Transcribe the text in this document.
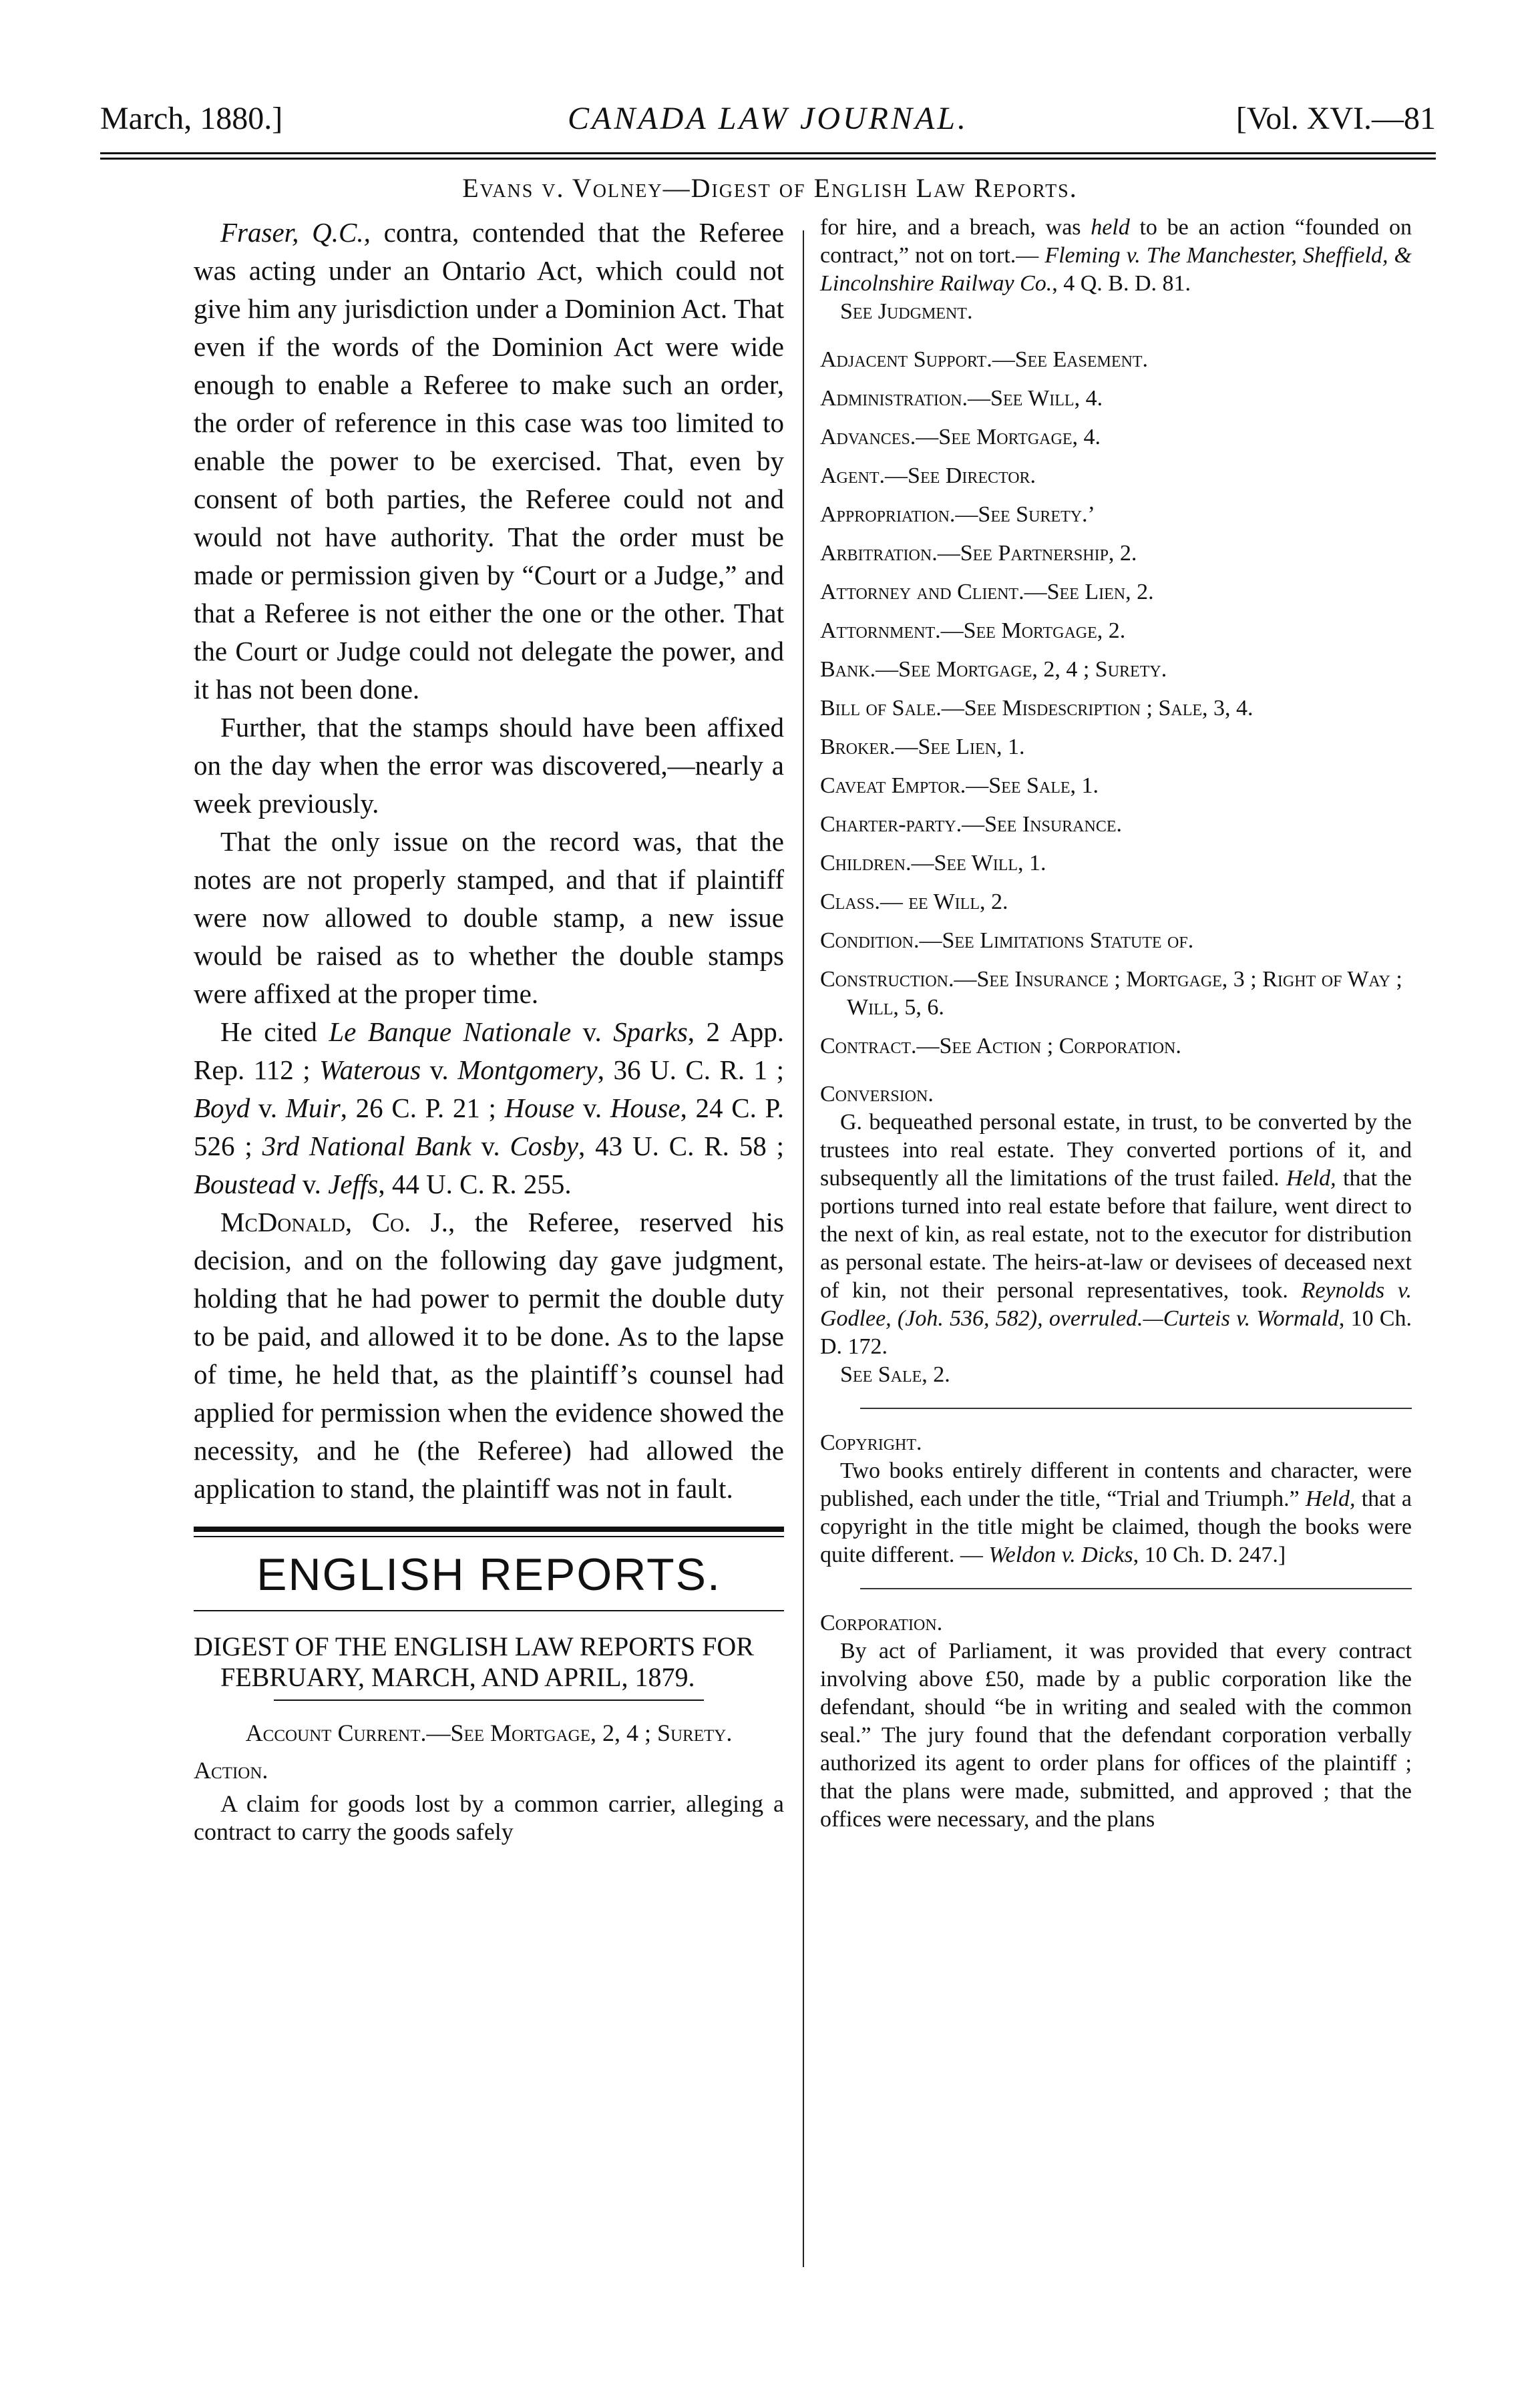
March, 1880.]	CANADA LAW JOURNAL.	[Vol. XVI.—81
Evans v. Volney—Digest of English Law Reports.

Fraser, Q.C., contra, contended that the Referee was acting under an Ontario Act, which could not give him any jurisdiction under a Dominion Act. That even if the words of the Dominion Act were wide enough to enable a Referee to make such an order, the order of reference in this case was too limited to enable the power to be exercised. That, even by consent of both parties, the Referee could not and would not have authority. That the order must be made or permission given by “Court or a Judge,” and that a Referee is not either the one or the other. That the Court or Judge could not delegate the power, and it has not been done.

Further, that the stamps should have been affixed on the day when the error was discovered,—nearly a week previously.

That the only issue on the record was, that the notes are not properly stamped, and that if plaintiff were now allowed to double stamp, a new issue would be raised as to whether the double stamps were affixed at the proper time.

He cited Le Banque Nationale v. Sparks, 2 App. Rep. 112 ; Waterous v. Montgomery, 36 U. C. R. 1 ; Boyd v. Muir, 26 C. P. 21 ; House v. House, 24 C. P. 526 ; 3rd National Bank v. Cosby, 43 U. C. R. 58 ; Boustead v. Jeffs, 44 U. C. R. 255.

McDonald, Co. J., the Referee, reserved his decision, and on the following day gave judgment, holding that he had power to permit the double duty to be paid, and allowed it to be done. As to the lapse of time, he held that, as the plaintiff’s counsel had applied for permission when the evidence showed the necessity, and he (the Referee) had allowed the application to stand, the plaintiff was not in fault.

ENGLISH REPORTS.

DIGEST OF THE ENGLISH LAW REPORTS FOR FEBRUARY, MARCH, AND APRIL, 1879.

Account Current.—See Mortgage, 2, 4 ; Surety.

Action.

A claim for goods lost by a common carrier, alleging a contract to carry the goods safely

for hire, and a breach, was held to be an action “founded on contract,” not on tort.— Fleming v. The Manchester, Sheffield, & Lincolnshire Railway Co., 4 Q. B. D. 81.

See Judgment.

Adjacent Support.—See Easement.

Administration.—See Will, 4.

Advances.—See Mortgage, 4.

Agent.—See Director.

Appropriation.—See Surety.’

Arbitration.—See Partnership, 2.

Attorney and Client.—See Lien, 2.

Attornment.—See Mortgage, 2.

Bank.—See Mortgage, 2, 4 ; Surety.

Bill of Sale.—See Misdescription ; Sale, 3, 4.

Broker.—See Lien, 1.

Caveat Emptor.—See Sale, 1.

Charter-party.—See Insurance.

Children.—See Will, 1.

Class.— ee Will, 2.

Condition.—See Limitations Statute of.

Construction.—See Insurance ; Mortgage, 3 ; Right of Way ; Will, 5, 6.

Contract.—See Action ; Corporation.

Conversion.

G. bequeathed personal estate, in trust, to be converted by the trustees into real estate. They converted portions of it, and subsequently all the limitations of the trust failed. Held, that the portions turned into real estate before that failure, went direct to the next of kin, as real estate, not to the executor for distribution as personal estate. The heirs-at-law or devisees of deceased next of kin, not their personal representatives, took. Reynolds v. Godlee, (Joh. 536, 582), overruled.—Curteis v. Wormald, 10 Ch. D. 172.

See Sale, 2.

Copyright.

Two books entirely different in contents and character, were published, each under the title, “Trial and Triumph.” Held, that a copyright in the title might be claimed, though the books were quite different. — Weldon v. Dicks, 10 Ch. D. 247.]

Corporation.

By act of Parliament, it was provided that every contract involving above £50, made by a public corporation like the defendant, should “be in writing and sealed with the common seal.” The jury found that the defendant corporation verbally authorized its agent to order plans for offices of the plaintiff ; that the plans were made, submitted, and approved ; that the offices were necessary, and the plans
